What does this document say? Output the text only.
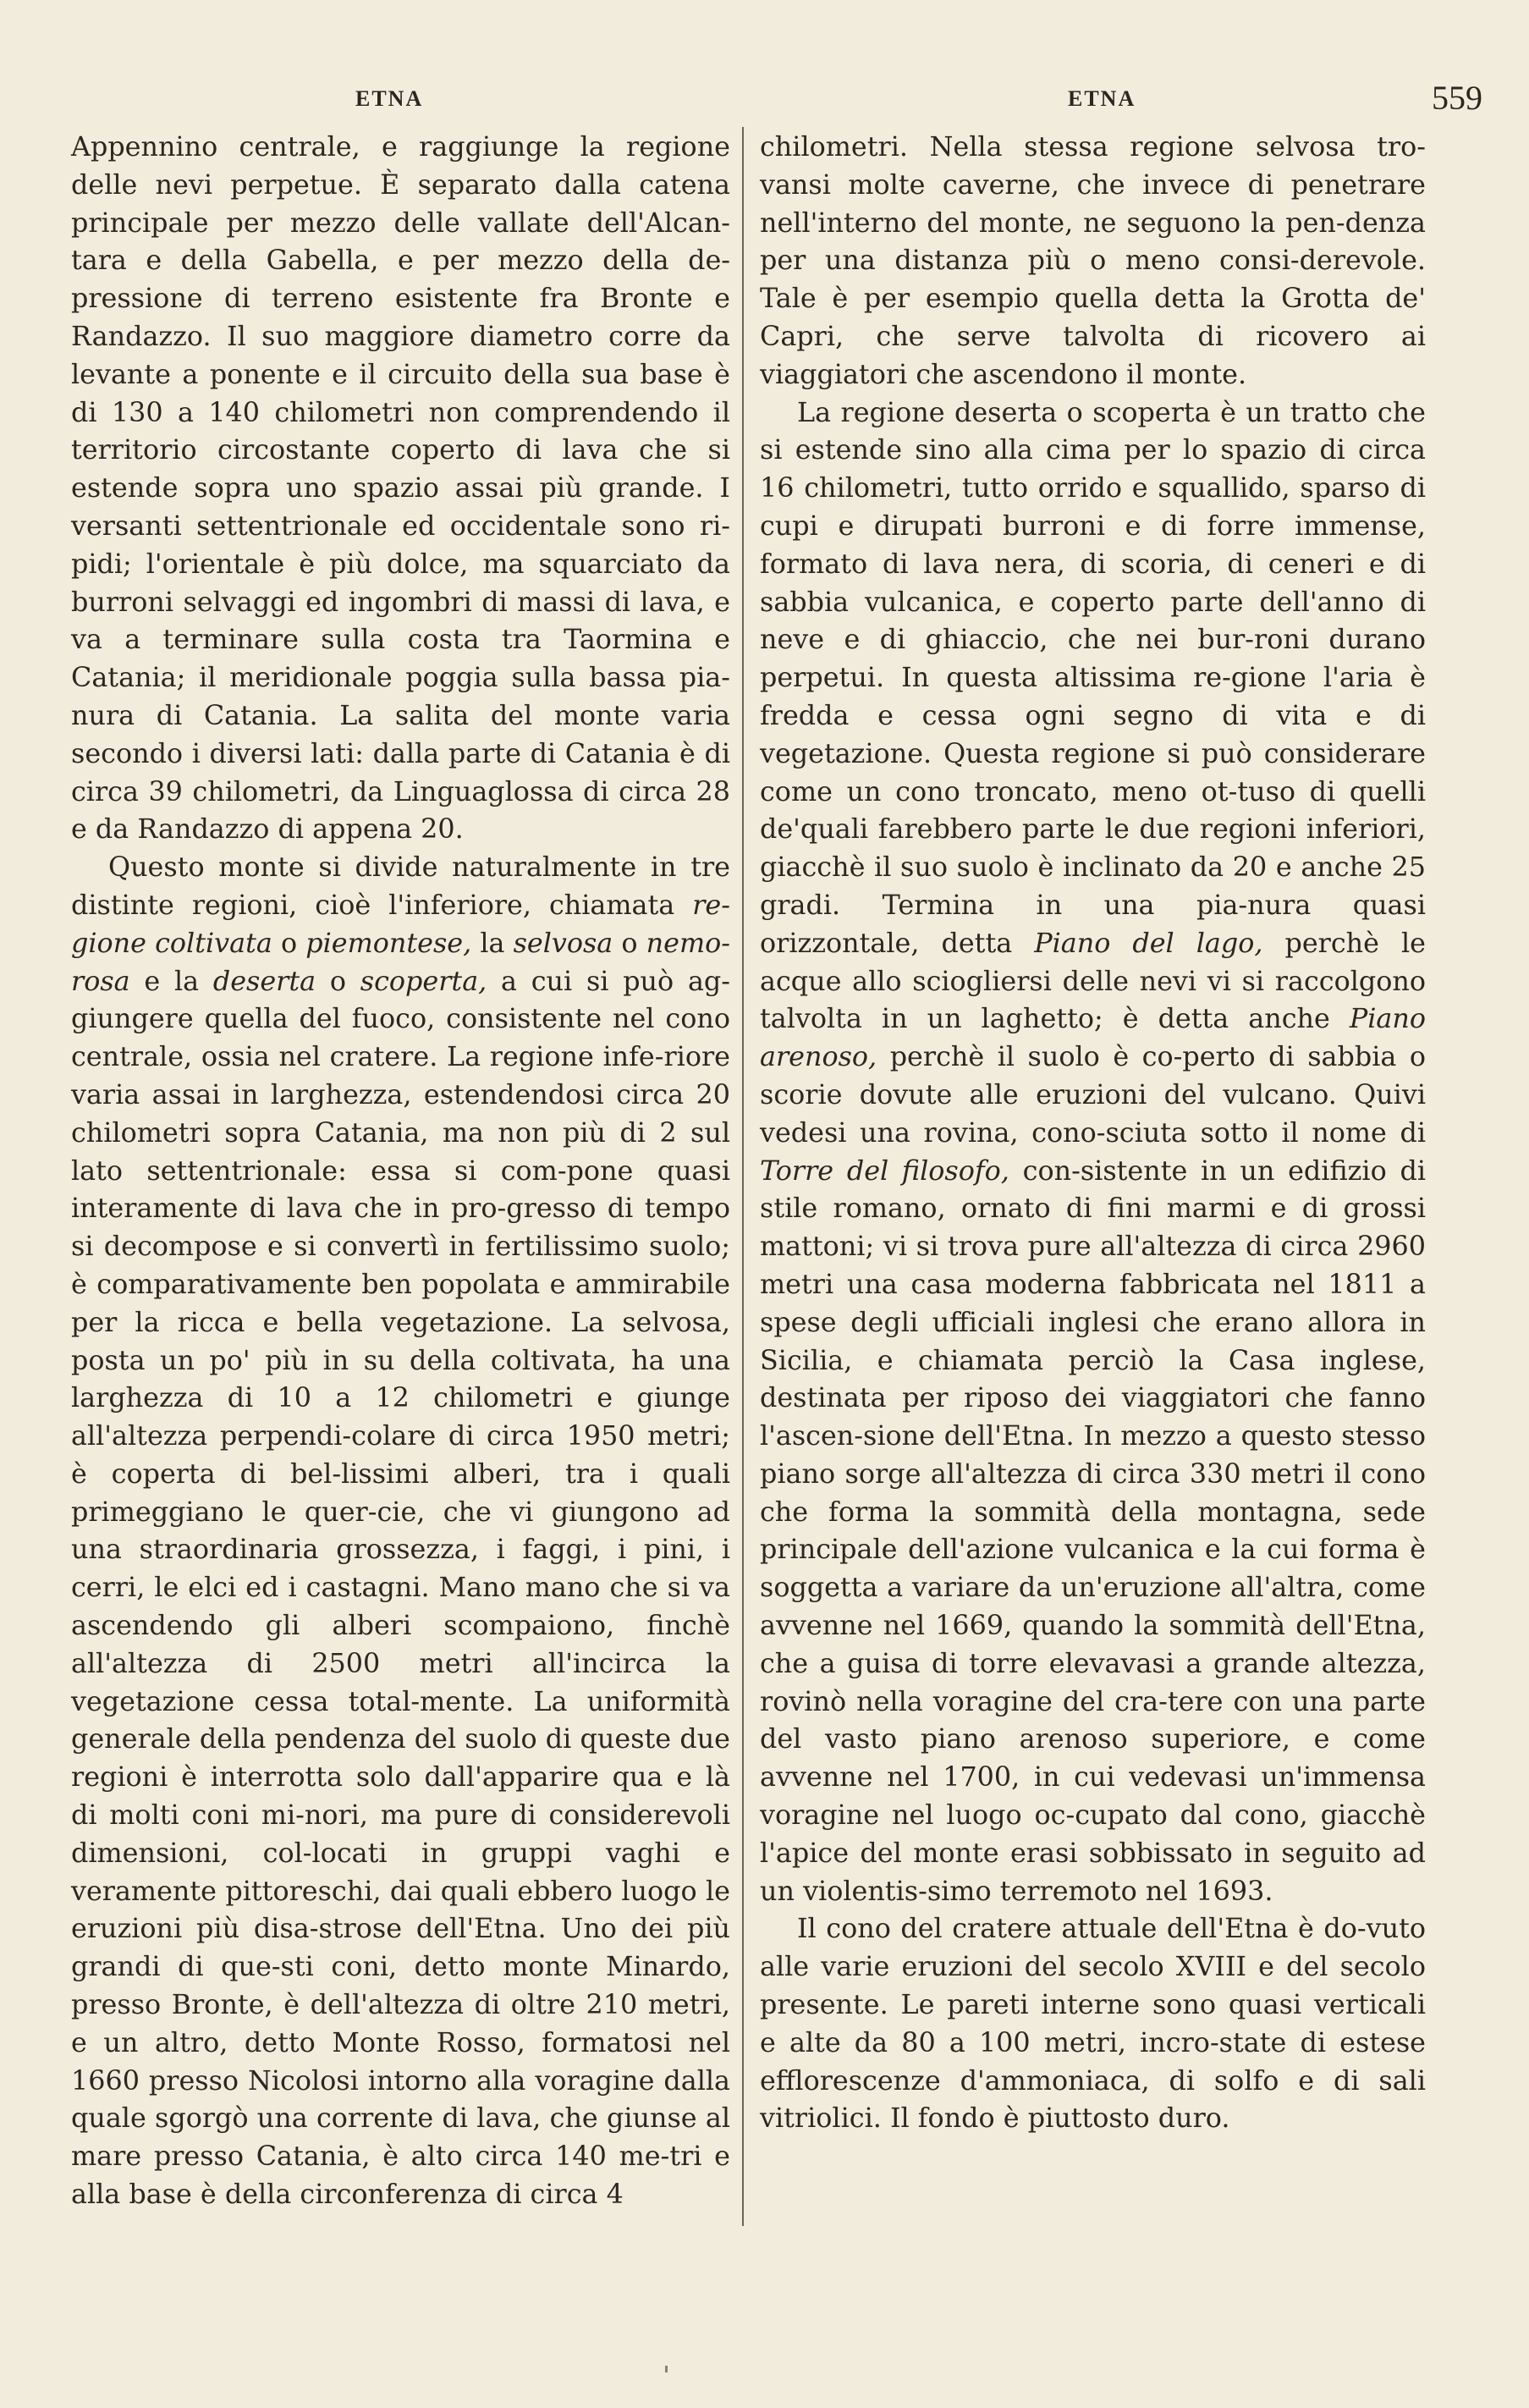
ETNA	ETNA	559

Appennino centrale, e raggiunge la regione delle nevi perpetue. È separato dalla catena principale per mezzo delle vallate dell'Alcan-tara e della Gabella, e per mezzo della de-pressione di terreno esistente fra Bronte e Randazzo. Il suo maggiore diametro corre da levante a ponente e il circuito della sua base è di 130 a 140 chilometri non comprendendo il territorio circostante coperto di lava che si estende sopra uno spazio assai più grande. I versanti settentrionale ed occidentale sono ri-pidi; l'orientale è più dolce, ma squarciato da burroni selvaggi ed ingombri di massi di lava, e va a terminare sulla costa tra Taormina e Catania; il meridionale poggia sulla bassa pia-nura di Catania. La salita del monte varia secondo i diversi lati: dalla parte di Catania è di circa 39 chilometri, da Linguaglossa di circa 28 e da Randazzo di appena 20.

Questo monte si divide naturalmente in tre distinte regioni, cioè l'inferiore, chiamata re-gione coltivata o piemontese, la selvosa o nemo-rosa e la deserta o scoperta, a cui si può ag-giungere quella del fuoco, consistente nel cono centrale, ossia nel cratere. La regione infe-riore varia assai in larghezza, estendendosi circa 20 chilometri sopra Catania, ma non più di 2 sul lato settentrionale: essa si com-pone quasi interamente di lava che in pro-gresso di tempo si decompose e si convertì in fertilissimo suolo; è comparativamente ben popolata e ammirabile per la ricca e bella vegetazione. La selvosa, posta un po' più in su della coltivata, ha una larghezza di 10 a 12 chilometri e giunge all'altezza perpendi-colare di circa 1950 metri; è coperta di bel-lissimi alberi, tra i quali primeggiano le quer-cie, che vi giungono ad una straordinaria grossezza, i faggi, i pini, i cerri, le elci ed i castagni. Mano mano che si va ascendendo gli alberi scompaiono, finchè all'altezza di 2500 metri all'incirca la vegetazione cessa total-mente. La uniformità generale della pendenza del suolo di queste due regioni è interrotta solo dall'apparire qua e là di molti coni mi-nori, ma pure di considerevoli dimensioni, col-locati in gruppi vaghi e veramente pittoreschi, dai quali ebbero luogo le eruzioni più disa-strose dell'Etna. Uno dei più grandi di que-sti coni, detto monte Minardo, presso Bronte, è dell'altezza di oltre 210 metri, e un altro, detto Monte Rosso, formatosi nel 1660 presso Nicolosi intorno alla voragine dalla quale sgorgò una corrente di lava, che giunse al mare presso Catania, è alto circa 140 me-tri e alla base è della circonferenza di circa 4

chilometri. Nella stessa regione selvosa tro-vansi molte caverne, che invece di penetrare nell'interno del monte, ne seguono la pen-denza per una distanza più o meno consi-derevole. Tale è per esempio quella detta la Grotta de' Capri, che serve talvolta di ricovero ai viaggiatori che ascendono il monte.

La regione deserta o scoperta è un tratto che si estende sino alla cima per lo spazio di circa 16 chilometri, tutto orrido e squallido, sparso di cupi e dirupati burroni e di forre immense, formato di lava nera, di scoria, di ceneri e di sabbia vulcanica, e coperto parte dell'anno di neve e di ghiaccio, che nei bur-roni durano perpetui. In questa altissima re-gione l'aria è fredda e cessa ogni segno di vita e di vegetazione. Questa regione si può considerare come un cono troncato, meno ot-tuso di quelli de'quali farebbero parte le due regioni inferiori, giacchè il suo suolo è inclinato da 20 e anche 25 gradi. Termina in una pia-nura quasi orizzontale, detta Piano del lago, perchè le acque allo sciogliersi delle nevi vi si raccolgono talvolta in un laghetto; è detta anche Piano arenoso, perchè il suolo è co-perto di sabbia o scorie dovute alle eruzioni del vulcano. Quivi vedesi una rovina, cono-sciuta sotto il nome di Torre del filosofo, con-sistente in un edifizio di stile romano, ornato di fini marmi e di grossi mattoni; vi si trova pure all'altezza di circa 2960 metri una casa moderna fabbricata nel 1811 a spese degli ufficiali inglesi che erano allora in Sicilia, e chiamata perciò la Casa inglese, destinata per riposo dei viaggiatori che fanno l'ascen-sione dell'Etna. In mezzo a questo stesso piano sorge all'altezza di circa 330 metri il cono che forma la sommità della montagna, sede principale dell'azione vulcanica e la cui forma è soggetta a variare da un'eruzione all'altra, come avvenne nel 1669, quando la sommità dell'Etna, che a guisa di torre elevavasi a grande altezza, rovinò nella voragine del cra-tere con una parte del vasto piano arenoso superiore, e come avvenne nel 1700, in cui vedevasi un'immensa voragine nel luogo oc-cupato dal cono, giacchè l'apice del monte erasi sobbissato in seguito ad un violentis-simo terremoto nel 1693.

Il cono del cratere attuale dell'Etna è do-vuto alle varie eruzioni del secolo XVIII e del secolo presente. Le pareti interne sono quasi verticali e alte da 80 a 100 metri, incro-state di estese efflorescenze d'ammoniaca, di solfo e di sali vitriolici. Il fondo è piuttosto duro.
